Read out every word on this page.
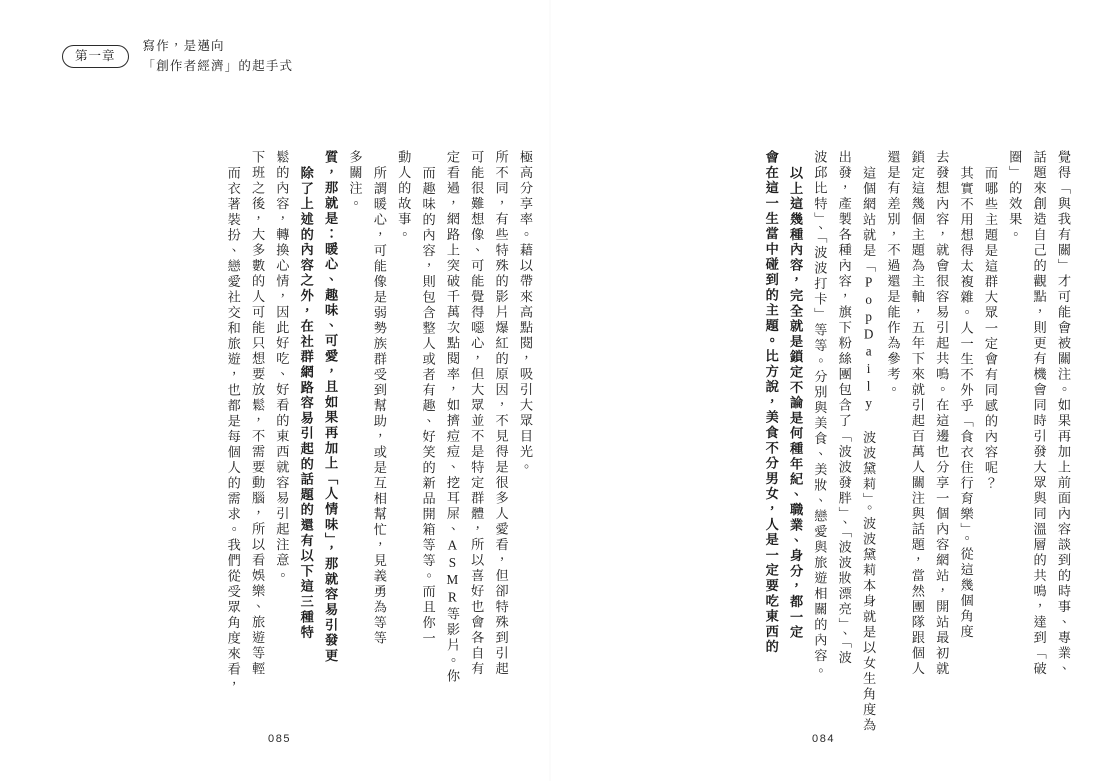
第一章
寫作，是邁向
「創作者經濟」的起手式
覺得「與我有關」才可能會被關注。如果再加上前面內容談到的時事、專業、
話題來創造自己的觀點，則更有機會同時引發大眾與同溫層的共鳴，達到「破
圈」的效果。
而哪些主題是這群大眾一定會有同感的內容呢？
其實不用想得太複雜。人一生不外乎「食衣住行育樂」。從這幾個角度
去發想內容，就會很容易引起共鳴。在這邊也分享一個內容網站，開站最初就
鎖定這幾個主題為主軸，五年下來就引起百萬人關注與話題，當然團隊跟個人
還是有差別，不過還是能作為參考。
這個網站就是「PopDaily 波波黛莉」。波波黛莉本身就是以女生角度為
出發，產製各種內容，旗下粉絲團包含了「波波發胖」、「波波妝漂亮」、「波
波邱比特」、「波波打卡」等等。分別與美食、美妝、戀愛與旅遊相關的內容。
以上這幾種內容，完全就是鎖定不論是何種年紀、職業、身分，都一定
會在這一生當中碰到的主題。比方說，美食不分男女，人是一定要吃東西的
極高分享率。藉以帶來高點閱，吸引大眾目光。
所不同，有些特殊的影片爆紅的原因，不見得是很多人愛看，但卻特殊到引起
可能很難想像、可能覺得噁心，但大眾並不是特定群體，所以喜好也會各自有
定看過，網路上突破千萬次點閱率，如擠痘痘、挖耳屎、ASMR等影片。你
而趣味的內容，則包含整人或者有趣、好笑的新品開箱等等。而且你一
動人的故事。
所謂暖心，可能像是弱勢族群受到幫助，或是互相幫忙，見義勇為等等
多關注。
質，那就是：暖心、趣味、可愛，且如果再加上「人情味」，那就容易引發更
除了上述的內容之外，在社群網路容易引起的話題的還有以下這三種特
鬆的內容，轉換心情，因此好吃、好看的東西就容易引起注意。
下班之後，大多數的人可能只想要放鬆，不需要動腦，所以看娛樂、旅遊等輕
而衣著裝扮、戀愛社交和旅遊，也都是每個人的需求。我們從受眾角度來看，
085	084
